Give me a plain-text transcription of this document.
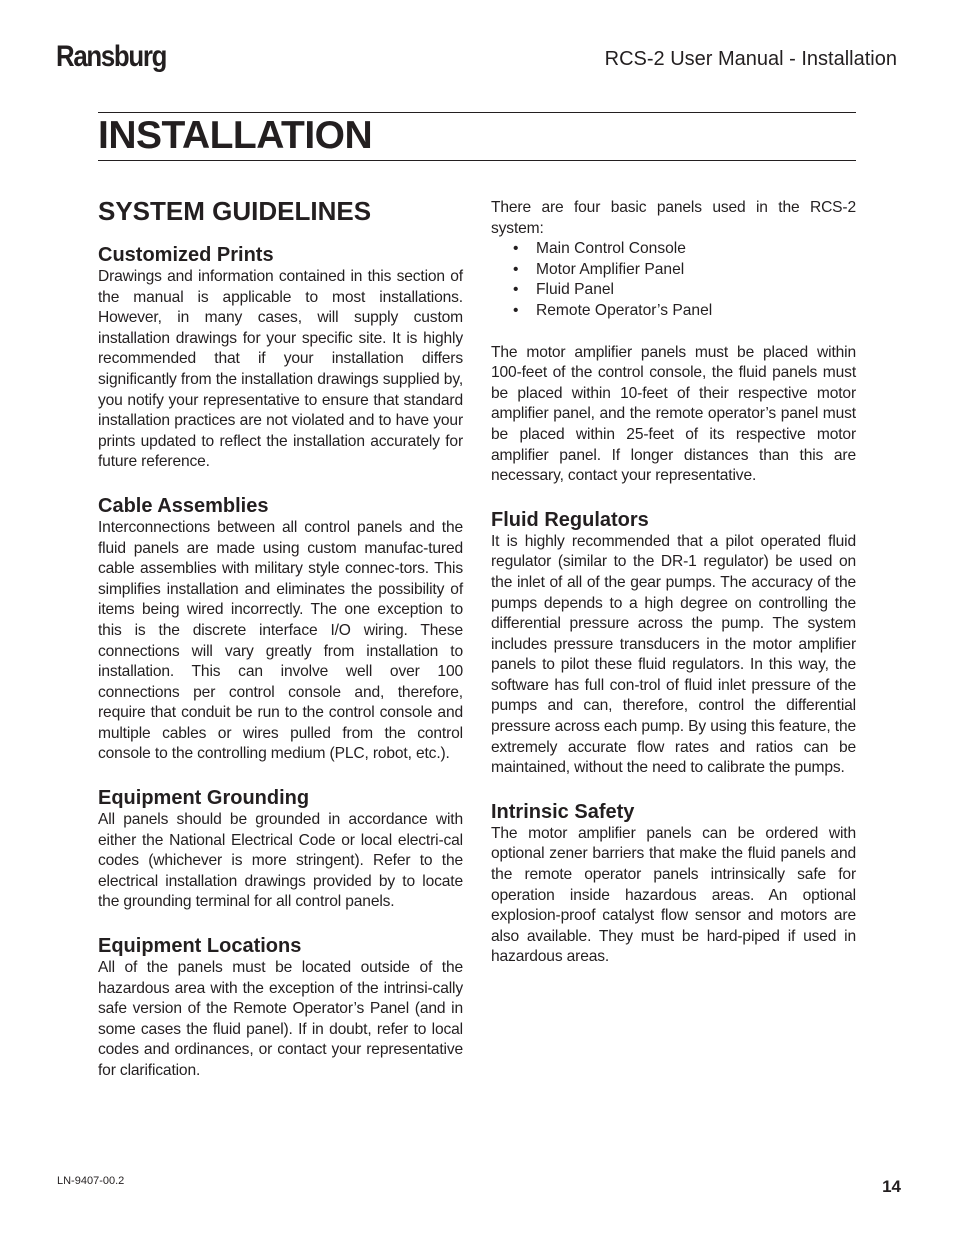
Ransburg	RCS-2 User Manual - Installation
INSTALLATION
SYSTEM GUIDELINES
Customized Prints

Drawings and information contained in this section of the manual is applicable to most installations. However, in many cases, will supply custom installation drawings for your specific site. It is highly recommended that if your installation differs significantly from the installation drawings supplied by, you notify your representative to ensure that standard installation practices are not violated and to have your prints updated to reflect the installation accurately for future reference.

Cable Assemblies

Interconnections between all control panels and the fluid panels are made using custom manufac-tured cable assemblies with military style connec-tors. This simplifies installation and eliminates the possibility of items being wired incorrectly. The one exception to this is the discrete interface I/O wiring. These connections will vary greatly from installation to installation. This can involve well over 100 connections per control console and, therefore, require that conduit be run to the control console and multiple cables or wires pulled from the control console to the controlling medium (PLC, robot, etc.).

Equipment Grounding

All panels should be grounded in accordance with either the National Electrical Code or local electri-cal codes (whichever is more stringent). Refer to the electrical installation drawings provided by to locate the grounding terminal for all control panels.

Equipment Locations

All of the panels must be located outside of the hazardous area with the exception of the intrinsi-cally safe version of the Remote Operator’s Panel (and in some cases the fluid panel). If in doubt, refer to local codes and ordinances, or contact your representative for clarification.

There are four basic panels used in the RCS-2 system:

• Main Control Console
• Motor Amplifier Panel
• Fluid Panel
• Remote Operator’s Panel

The motor amplifier panels must be placed within 100-feet of the control console, the fluid panels must be placed within 10-feet of their respective motor amplifier panel, and the remote operator’s panel must be placed within 25-feet of its respective motor amplifier panel. If longer distances than this are necessary, contact your representative.

Fluid Regulators

It is highly recommended that a pilot operated fluid regulator (similar to the DR-1 regulator) be used on the inlet of all of the gear pumps. The accuracy of the pumps depends to a high degree on controlling the differential pressure across the pump. The system includes pressure transducers in the motor amplifier panels to pilot these fluid regulators. In this way, the software has full con-trol of fluid inlet pressure of the pumps and can, therefore, control the differential pressure across each pump. By using this feature, the extremely accurate flow rates and ratios can be maintained, without the need to calibrate the pumps.

Intrinsic Safety

The motor amplifier panels can be ordered with optional zener barriers that make the fluid panels and the remote operator panels intrinsically safe for operation inside hazardous areas. An optional explosion-proof catalyst flow sensor and motors are also available. They must be hard-piped if used in hazardous areas.

LN-9407-00.2	14
